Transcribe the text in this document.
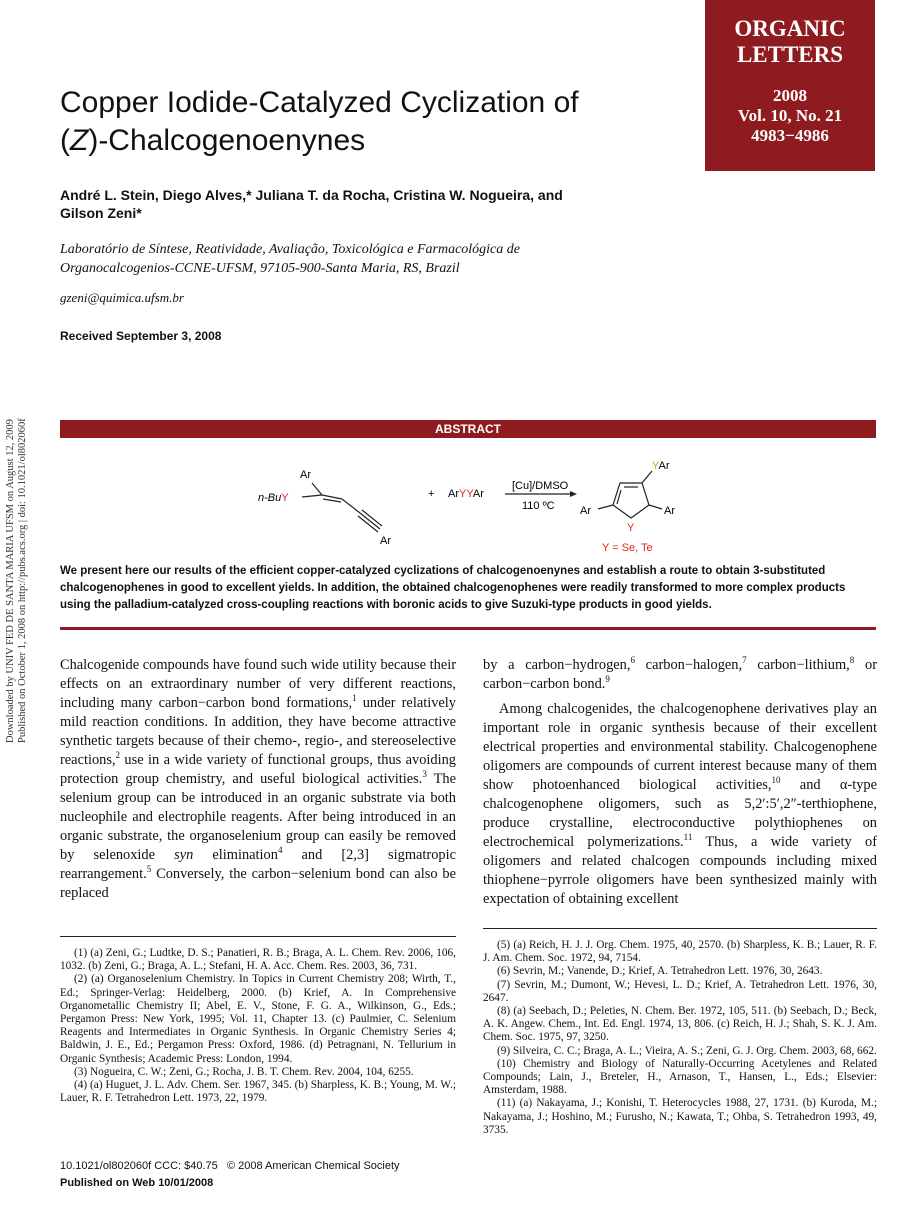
ORGANIC
LETTERS
2008
Vol. 10, No. 21
4983−4986
Copper Iodide-Catalyzed Cyclization of
(Z)-Chalcogenoenynes
André L. Stein, Diego Alves,* Juliana T. da Rocha, Cristina W. Nogueira, and
Gilson Zeni*
Laboratório de Síntese, Reatividade, Avaliação, Toxicológica e Farmacológica de
Organocalcogenios-CCNE-UFSM, 97105-900-Santa Maria, RS, Brazil
gzeni@quimica.ufsm.br
Received September 3, 2008
Downloaded by UNIV FED DE SANTA MARIA UFSM on August 12, 2009 Published on October 1, 2008 on http://pubs.acs.org | doi: 10.1021/ol802060f	ABSTRACT
Ar
n-BuY
Ar
+ ArYYAr
[Cu]/DMSO
110 ºC
YAr
Ar
Y
Ar
Y = Se, Te
We present here our results of the efficient copper-catalyzed cyclizations of chalcogenoenynes and establish a route to obtain 3-substituted chalcogenophenes in good to excellent yields. In addition, the obtained chalcogenophenes were readily transformed to more complex products using the palladium-catalyzed cross-coupling reactions with boronic acids to give Suzuki-type products in good yields.

Chalcogenide compounds have found such wide utility because their effects on an extraordinary number of very different reactions, including many carbon−carbon bond formations,$^1$ under relatively mild reaction conditions. In addition, they have become attractive synthetic targets because of their chemo-, regio-, and stereoselective reactions,$^2$ use in a wide variety of functional groups, thus avoiding protection group chemistry, and useful biological activities.$^3$ The selenium group can be introduced in an organic substrate via both nucleophile and electrophile reagents. After being introduced in an organic substrate, the organoselenium group can easily be removed by selenoxide syn elimination$^4$ and [2,3] sigmatropic rearrangement.$^5$ Conversely, the carbon−selenium bond can also be replaced

by a carbon−hydrogen,$^6$ carbon−halogen,$^7$ carbon−lithium,$^8$ or carbon−carbon bond.$^9$

Among chalcogenides, the chalcogenophene derivatives play an important role in organic synthesis because of their excellent electrical properties and environmental stability. Chalcogenophene oligomers are compounds of current interest because many of them show photoenhanced biological activities,$^{10}$ and α-type chalcogenophene oligomers, such as 5,2′:5′,2″-terthiophene, produce crystalline, electroconductive polythiophenes on electrochemical polymerizations.$^{11}$ Thus, a wide variety of oligomers and related chalcogen compounds including mixed thiophene−pyrrole oligomers have been synthesized mainly with expectation of obtaining excellent

(1) (a) Zeni, G.; Ludtke, D. S.; Panatieri, R. B.; Braga, A. L. Chem. Rev. 2006, 106, 1032. (b) Zeni, G.; Braga, A. L.; Stefani, H. A. Acc. Chem. Res. 2003, 36, 731.

(2) (a) Organoselenium Chemistry. In Topics in Current Chemistry 208; Wirth, T., Ed.; Springer-Verlag: Heidelberg, 2000. (b) Krief, A. In Comprehensive Organometallic Chemistry II; Abel, E. V., Stone, F. G. A., Wilkinson, G., Eds.; Pergamon Press: New York, 1995; Vol. 11, Chapter 13. (c) Paulmier, C. Selenium Reagents and Intermediates in Organic Synthesis. In Organic Chemistry Series 4; Baldwin, J. E., Ed.; Pergamon Press: Oxford, 1986. (d) Petragnani, N. Tellurium in Organic Synthesis; Academic Press: London, 1994.

(3) Nogueira, C. W.; Zeni, G.; Rocha, J. B. T. Chem. Rev. 2004, 104, 6255.

(4) (a) Huguet, J. L. Adv. Chem. Ser. 1967, 345. (b) Sharpless, K. B.; Young, M. W.; Lauer, R. F. Tetrahedron Lett. 1973, 22, 1979.

(5) (a) Reich, H. J. J. Org. Chem. 1975, 40, 2570. (b) Sharpless, K. B.; Lauer, R. F. J. Am. Chem. Soc. 1972, 94, 7154.

(6) Sevrin, M.; Vanende, D.; Krief, A. Tetrahedron Lett. 1976, 30, 2643.

(7) Sevrin, M.; Dumont, W.; Hevesi, L. D.; Krief, A. Tetrahedron Lett. 1976, 30, 2647.

(8) (a) Seebach, D.; Peleties, N. Chem. Ber. 1972, 105, 511. (b) Seebach, D.; Beck, A. K. Angew. Chem., Int. Ed. Engl. 1974, 13, 806. (c) Reich, H. J.; Shah, S. K. J. Am. Chem. Soc. 1975, 97, 3250.

(9) Silveira, C. C.; Braga, A. L.; Vieira, A. S.; Zeni, G. J. Org. Chem. 2003, 68, 662.

(10) Chemistry and Biology of Naturally-Occurring Acetylenes and Related Compounds; Lain, J., Breteler, H., Arnason, T., Hansen, L., Eds.; Elsevier: Amsterdam, 1988.

(11) (a) Nakayama, J.; Konishi, T. Heterocycles 1988, 27, 1731. (b) Kuroda, M.; Nakayama, J.; Hoshino, M.; Furusho, N.; Kawata, T.; Ohba, S. Tetrahedron 1993, 49, 3735.

10.1021/ol802060f CCC: $40.75   © 2008 American Chemical Society
Published on Web 10/01/2008
